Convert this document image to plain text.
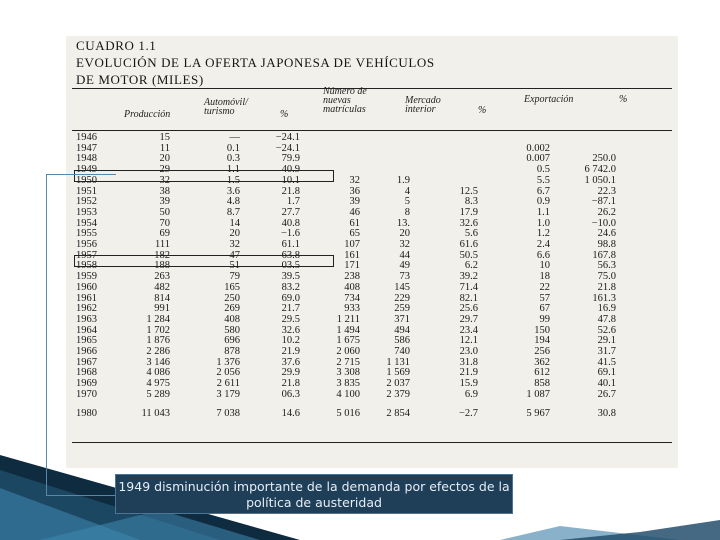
CUADRO 1.1
EVOLUCIÓN DE LA OFERTA JAPONESA DE VEHÍCULOS
DE MOTOR (MILES)
Producción
Automóvil/ turismo	%
Número de nuevas matrículas
Mercado interior	%
Exportación	%
1946	15	—	−24.1					
1947	11	0.1	−24.1				0.002	
1948	20	0.3	79.9				0.007	250.0
1949	29	1.1	40.9				0.5	6 742.0
1950	32	1.5	10.1	32	1.9		5.5	1 050.1
1951	38	3.6	21.8	36	4	12.5	6.7	22.3
1952	39	4.8	1.7	39	5	8.3	0.9	−87.1
1953	50	8.7	27.7	46	8	17.9	1.1	26.2
1954	70	14	40.8	61	13.	32.6	1.0	−10.0
1955	69	20	−1.6	65	20	5.6	1.2	24.6
1956	111	32	61.1	107	32	61.6	2.4	98.8
1957	182	47	63.8	161	44	50.5	6.6	167.8
1958	188	51	03.5	171	49	6.2	10	56.3
1959	263	79	39.5	238	73	39.2	18	75.0
1960	482	165	83.2	408	145	71.4	22	21.8
1961	814	250	69.0	734	229	82.1	57	161.3
1962	991	269	21.7	933	259	25.6	67	16.9
1963	1 284	408	29.5	1 211	371	29.7	99	47.8
1964	1 702	580	32.6	1 494	494	23.4	150	52.6
1965	1 876	696	10.2	1 675	586	12.1	194	29.1
1966	2 286	878	21.9	2 060	740	23.0	256	31.7
1967	3 146	1 376	37.6	2 715	1 131	31.8	362	41.5
1968	4 086	2 056	29.9	3 308	1 569	21.9	612	69.1
1969	4 975	2 611	21.8	3 835	2 037	15.9	858	40.1
1970	5 289	3 179	06.3	4 100	2 379	6.9	1 087	26.7

1980	11 043	7 038	14.6	5 016	2 854	−2.7	5 967	30.8
1949 disminución importante de la demanda por efectos de la política de austeridad
